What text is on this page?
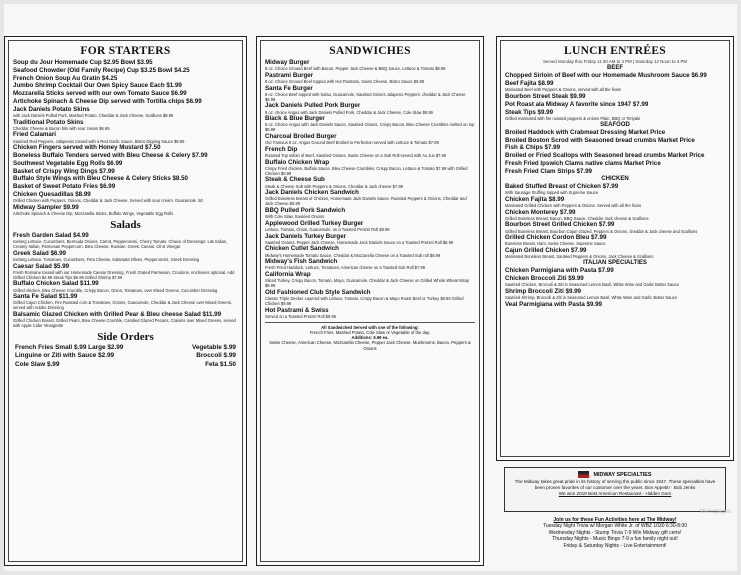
FOR STARTERS
Soup du Jour Homemade Cup $2.95 Bowl $3.95
Seafood Chowder (Old Family Recipe) Cup $3.25 Bowl $4.25
French Onion Soup Au Gratin $4.25
Jumbo Shrimp Cocktail Our Own Spicy Sauce Each $1.99
Mozzarella Sticks served with our own Tomato Sauce $6.99
Artichoke Spinach & Cheese Dip served with Tortilla chips $6.99
Jack Daniels Potato Skins
with Jack Daniels Pulled Pork, Mashed Potato, Cheddar & Jack Cheese, Scallions $8.99
Traditional Potato Skins
Cheddar Cheese & Bacon bits with sour cream $6.99
Fried Calamari
Sautéed Red Peppers, Jalapenos tossed with a Red Garlic Sauce, Bistro Dipping Sauce $8.99
Chicken Fingers served with Honey Mustard $7.50
Boneless Buffalo Tenders served with Bleu Cheese & Celery $7.99
Southwest Vegetable Egg Rolls $6.99
Basket of Crispy Wing Dings $7.99
Buffalo Style Wings with Bleu Cheese & Celery Sticks $8.50
Basket of Sweet Potato Fries $6.99
Chicken Quesadillas $8.99
Grilled Chicken with Peppers, Onions, Cheddar & Jack Cheese, Served with sour cream. Guacamole .50
Midway Sampler $9.99
Artichoke Spinach & Cheese Dip, Mozzarella Sticks, Buffalo Wings, Vegetable Egg Rolls
Salads
Fresh Garden Salad $4.99
Iceberg Lettuce, Cucumbers, Bermuda Onions, Carrot, Pepperoncini, Cherry Tomato. Choice of Dressings: Lite Italian, Creamy Italian, Parmesan Peppercorn, Bleu Cheese, Russian, Greek, Caesar, Oil & Vinegar
Greek Salad $6.99
Iceberg Lettuce, Tomatoes, Cucumbers, Feta Cheese, Kalamata Olives, Pepperoncini, Greek Dressing
Caesar Salad $5.99
Fresh Romaine tossed with our Homemade Caesar Dressing, Fresh Grated Parmesan, Croutons, Anchovies optional. Add Grilled Chicken $4.99 Steak Tips $6.99 Grilled Shrimp $7.99
Buffalo Chicken Salad $11.99
Grilled chicken, Bleu Cheese Crumble, Crispy Bacon, Onion, Tomatoes, over Mixed Greens, Cucumber Dressing
Santa Fe Salad $11.99
Grilled Cajun Chicken, Fire Roasted corn & Tomatoes, Onions, Guacamole, Cheddar & Jack Cheese over Mixed Greens, served with Adobo Dressing
Balsamic Glazed Chicken with Grilled Pear & Bleu cheese Salad $11.99
Grilled Chicken Breast, Grilled Pears, Bleu Cheese Crumble, Candied Glazed Pecans, Craisins over Mixed Greens, served with Apple Cider Vinaigrette
Side Orders
French Fries Small $.99 Large $2.99	Vegetable $.99
Linguine or Ziti with Sauce $2.99	Broccoli $.99
Cole Slaw $.99	Feta $1.50
SANDWICHES
Midway Burger
8 oz. Choice Ground Beef with Bacon, Pepper Jack Cheese & BBQ Sauce, Lettuce & Tomato $8.99
Pastrami Burger
8 oz. Choice Ground Beef topped with Hot Pastrami, Swiss Cheese, Bistro Sauce $9.99
Santa Fe Burger
8 oz. Choice Beef topped with Salsa, Guacamole, Sautéed Onions Jalapeno Peppers, cheddar & Jack Cheese $8.99
Jack Daniels Pulled Pork Burger
8 oz. choice Angus with Jack Daniels Pulled Pork, Cheddar & Jack Cheese, Cole Slaw $9.99
Black & Blue Burger
8 oz. Choice Angus with Jack Daniels Sauce, Sautéed Onions, Crispy Bacon, Bleu Cheese Crumbles melted on top $8.99
Charcoal Broiled Burger
Our Famous 8 oz. Angus Ground Beef Broiled to Perfection served with Lettuce & Tomato $7.99
French Dip
Roasted Top sirloin of Beef, Sautéed Onions, Swiss Cheese on a Sub Roll served with Au Jus $7.99
Buffalo Chicken Wrap
Crispy Fried chicken, Buffalo Sauce, Bleu Cheese Crumbles, Crispy Bacon, Lettuce & Tomato $7.99 with Grilled Chicken $8.99
Steak & Cheese Sub
Steak & Cheese Sub with Peppers & Onions, Cheddar & Jack cheese $7.99
Jack Daniels Chicken Sandwich
Grilled Boneless Breast of Chicken, Homemade Jack Daniels Sauce, Roasted Peppers & Onions, Cheddar and Jack Cheese $8.99
BBQ Pulled Pork Sandwich
With Cole Slaw, Sautéed Onions
Applewood Grilled Turkey Burger
Lettuce, Tomato, Onion, Guacamole, on a Toasted Pretzel Roll $8.99
Jack Daniels Turkey Burger
Sautéed Onions, Pepper Jack Cheese, Homemade Jack Daniels Sauce on a Toasted Pretzel Roll $8.99
Chicken Cutlet Sandwich
Midway's Homemade Tomato Sauce, Cheddar & Mozzarella Cheese on a Toasted Sub roll $8.99
Midway's Fish Sandwich
Fresh Fried Haddock, Lettuce, Tomatoes, American cheese on a Toasted Sub Roll $7.99
California Wrap
Sliced Turkey, Crispy Bacon, Tomato, Mayo, Guacamole, Cheddar & Jack Cheese on Grilled Whole Wheat Wrap $8.99
Old Fashioned Club Style Sandwich
Classic Triple Decker Layered with Lettuce, Tomato, Crispy Bacon & Mayo Roast Beef or Turkey $8.99 Grilled Chicken $9.99
Hot Pastrami & Swiss
Served on a Toasted Pretzel Roll $9.99
All Sandwiched Served with one of the following:
French Fries, Mashed Potato, Cole Slaw or Vegetable of the day.
Additions: $.99 ea.
Swiss Cheese, American Cheese, Mozzarella Cheese, Pepper Jack Cheese, Mushrooms, Bacon, Peppers & Onions
LUNCH ENTRÉES
Served Monday thru Friday 11:30 AM to 4 PM | Saturday 12 Noon to 4 PM
BEEF
Chopped Sirloin of Beef with our Homemade Mushroom Sauce $6.99
Beef Fajita $8.99
Marinated Beef with Peppers & Onions, served with all the fixins
Bourbon Street Steak $9.99
Pot Roast ala Midway A favorite since 1947 $7.99
Steak Tips $9.99
Grilled marinated with fire roasted peppers & onions Plain, BBQ or Teriyaki
SEAFOOD
Broiled Haddock with Crabmeat Dressing Market Price
Broiled Boston Scrod with Seasoned bread crumbs Market Price
Fish & Chips $7.99
Broiled or Fried Scallops with Seasoned bread crumbs Market Price
Fresh Fried Ipswich Clams native clams Market Price
Fresh Fried Clam Strips $7.99
CHICKEN
Baked Stuffed Breast of Chicken $7.99
With Sausage Stuffing topped with Supreme Sauce
Chicken Fajita $8.99
Marinated Grilled Chicken with Peppers & Onions. Served with all the fixins
Chicken Monterey $7.99
Grilled Boneless Breast, Bacon, BBQ Sauce, Cheddar Jack cheese & Scallions
Bourbon Street Grilled Chicken $7.99
Grilled Boneless Breast, Bourbon Cajun Glazed, Peppers & Onions, cheddar & Jack cheese and Scallions
Grilled Chicken Cordon Bleu $7.99
Boneless Breast, Ham, Swiss Cheese, Supreme Sauce
Cajun Grilled Chicken $7.99
Marinated Boneless Breast, Sautéed Peppers & Onions, Jack Cheese & Scallions
ITALIAN SPECIALTIES
Chicken Parmigiana with Pasta $7.99
Chicken Broccoli Ziti $9.99
Sautéed Chicken, Broccoli & Ziti in Seasoned Lemon Basil, White Wine and Garlic Butter Sauce
Shrimp Broccoli Ziti $9.99
Sautéed Shrimp, Broccoli & Ziti in Seasoned Lemon Basil, White Wine and Garlic Butter Sauce
Veal Parmigiana with Pasta $9.99
MIDWAY SPECIALTIES
The Midway takes great pride in its history of serving the public since 1947. These specialties have been proven favorites of our customer over the years. Bon Appetit! · Bob Jenks
We won 2019 Best American Restaurant - Hidden Gem
Menupages
Join us for these Fun Activities here at The Midway!
Tuesday Night Trivia w/ Morgan White Jr. of WBZ 1030 6:30-8:00
Wednesday Nights - Stump Trivia 7-9 Win Midway gift certs!
Thursday Nights - Music Bingo 7-9 a fun family night out!
Friday & Saturday Nights - Live Entertainment!
